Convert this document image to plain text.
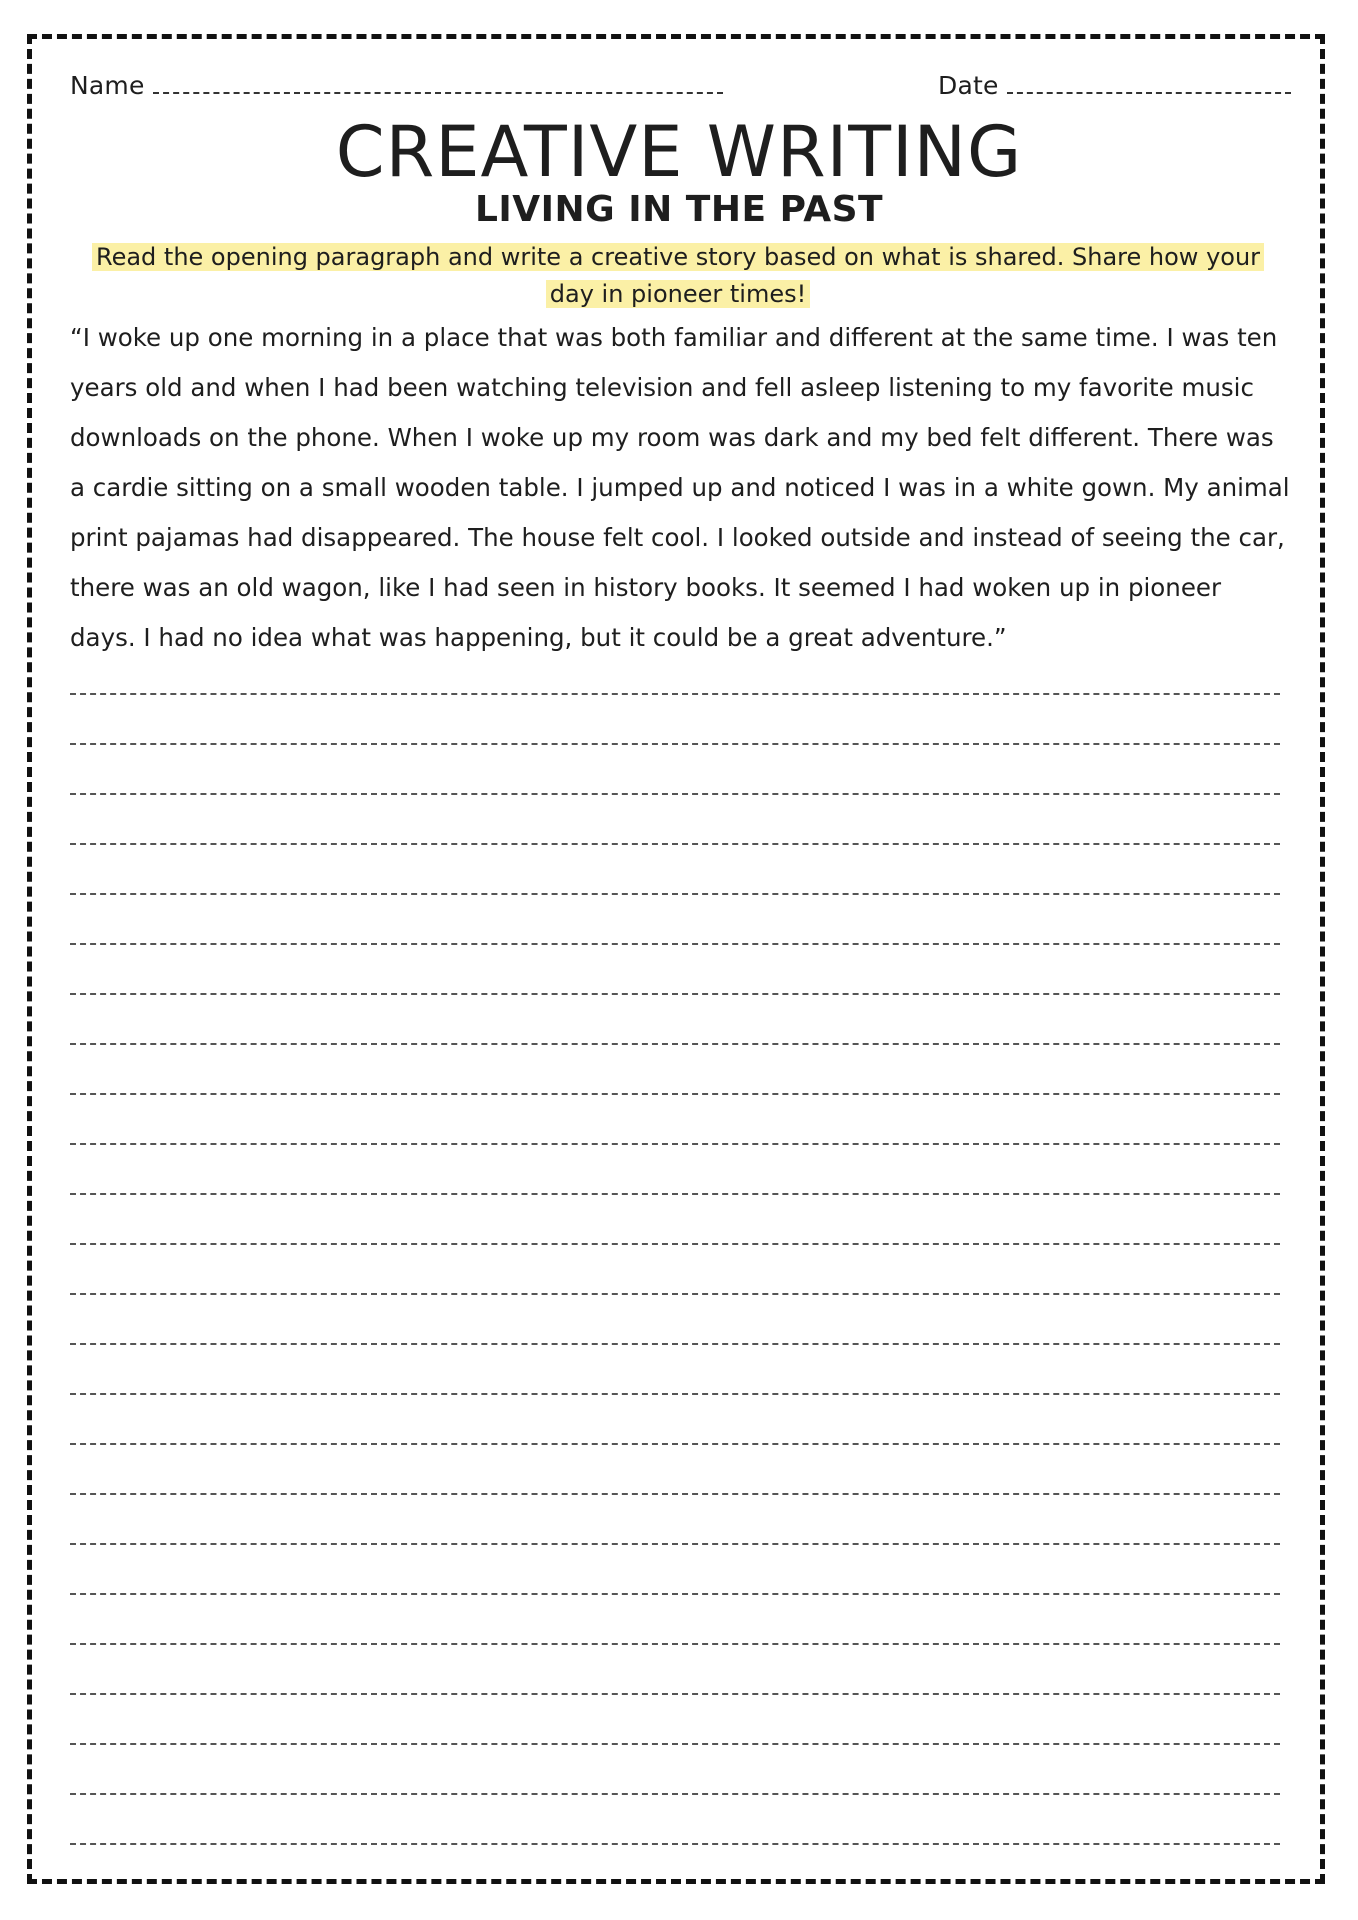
Name	Date
CREATIVE WRITING
LIVING IN THE PAST

Read the opening paragraph and write a creative story based on what is shared. Share how your day in pioneer times!

“I woke up one morning in a place that was both familiar and different at the same time. I was ten years old and when I had been watching television and fell asleep listening to my favorite music downloads on the phone. When I woke up my room was dark and my bed felt different. There was a cardie sitting on a small wooden table. I jumped up and noticed I was in a white gown. My animal print pajamas had disappeared. The house felt cool. I looked outside and instead of seeing the car, there was an old wagon, like I had seen in history books. It seemed I had woken up in pioneer days. I had no idea what was happening, but it could be a great adventure.”
